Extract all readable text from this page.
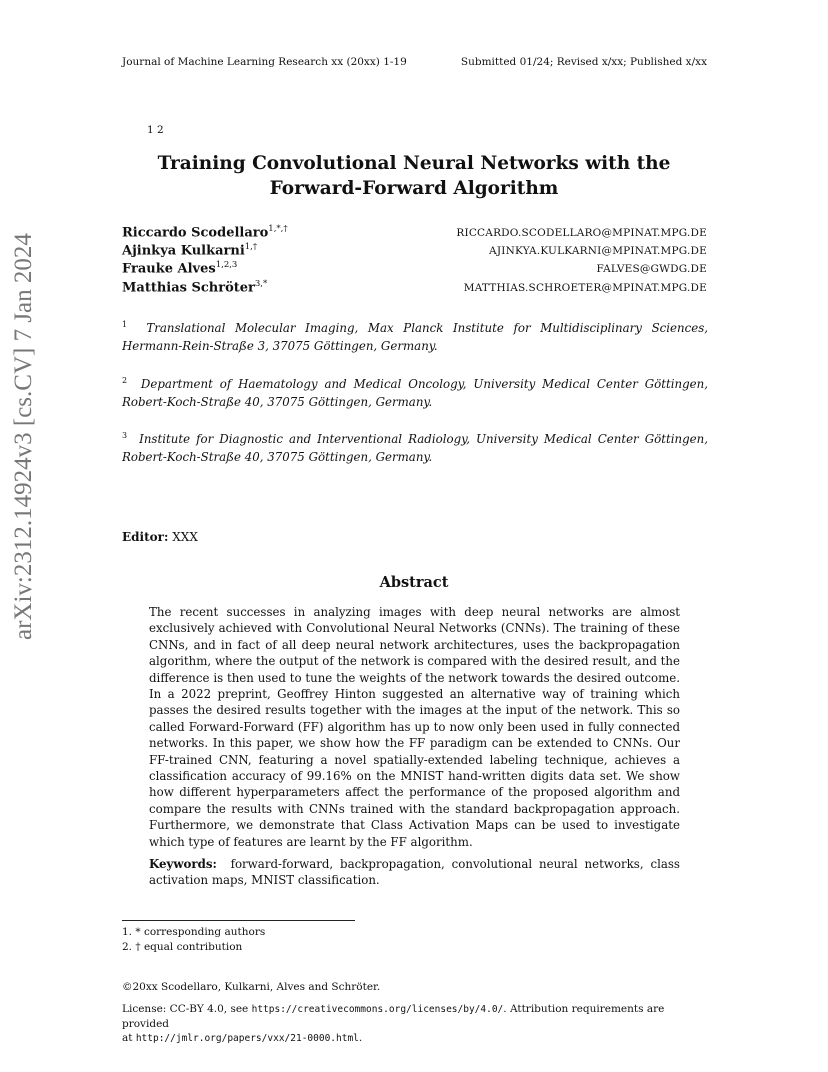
Journal of Machine Learning Research xx (20xx) 1-19	Submitted 01/24; Revised x/xx; Published x/xx
1 2
Training Convolutional Neural Networks with the
Forward-Forward Algorithm
Riccardo Scodellaro$^{1,*,\dagger}$	RICCARDO.SCODELLARO@MPINAT.MPG.DE
Ajinkya Kulkarni$^{1,\dagger}$	AJINKYA.KULKARNI@MPINAT.MPG.DE
Frauke Alves$^{1,2,3}$	FALVES@GWDG.DE
Matthias Schröter$^{3,*}$	MATTHIAS.SCHROETER@MPINAT.MPG.DE
$^1$ Translational Molecular Imaging, Max Planck Institute for Multidisciplinary Sciences, Hermann-Rein-Straße 3, 37075 Göttingen, Germany.
$^2$ Department of Haematology and Medical Oncology, University Medical Center Göttingen, Robert-Koch-Straße 40, 37075 Göttingen, Germany.
$^3$ Institute for Diagnostic and Interventional Radiology, University Medical Center Göttingen, Robert-Koch-Straße 40, 37075 Göttingen, Germany.
Editor: XXX
Abstract
The recent successes in analyzing images with deep neural networks are almost exclusively achieved with Convolutional Neural Networks (CNNs). The training of these CNNs, and in fact of all deep neural network architectures, uses the backpropagation algorithm, where the output of the network is compared with the desired result, and the difference is then used to tune the weights of the network towards the desired outcome. In a 2022 preprint, Geoffrey Hinton suggested an alternative way of training which passes the desired results together with the images at the input of the network. This so called Forward-Forward (FF) algorithm has up to now only been used in fully connected networks. In this paper, we show how the FF paradigm can be extended to CNNs. Our FF-trained CNN, featuring a novel spatially-extended labeling technique, achieves a classification accuracy of 99.16% on the MNIST hand-written digits data set. We show how different hyperparameters affect the performance of the proposed algorithm and compare the results with CNNs trained with the standard backpropagation approach. Furthermore, we demonstrate that Class Activation Maps can be used to investigate which type of features are learnt by the FF algorithm.
Keywords: forward-forward, backpropagation, convolutional neural networks, class activation maps, MNIST classification.
1. * corresponding authors
2. † equal contribution
©20xx Scodellaro, Kulkarni, Alves and Schröter.
License: CC-BY 4.0, see https://creativecommons.org/licenses/by/4.0/. Attribution requirements are provided
at http://jmlr.org/papers/vxx/21-0000.html.
arXiv:2312.14924v3 [cs.CV] 7 Jan 2024
